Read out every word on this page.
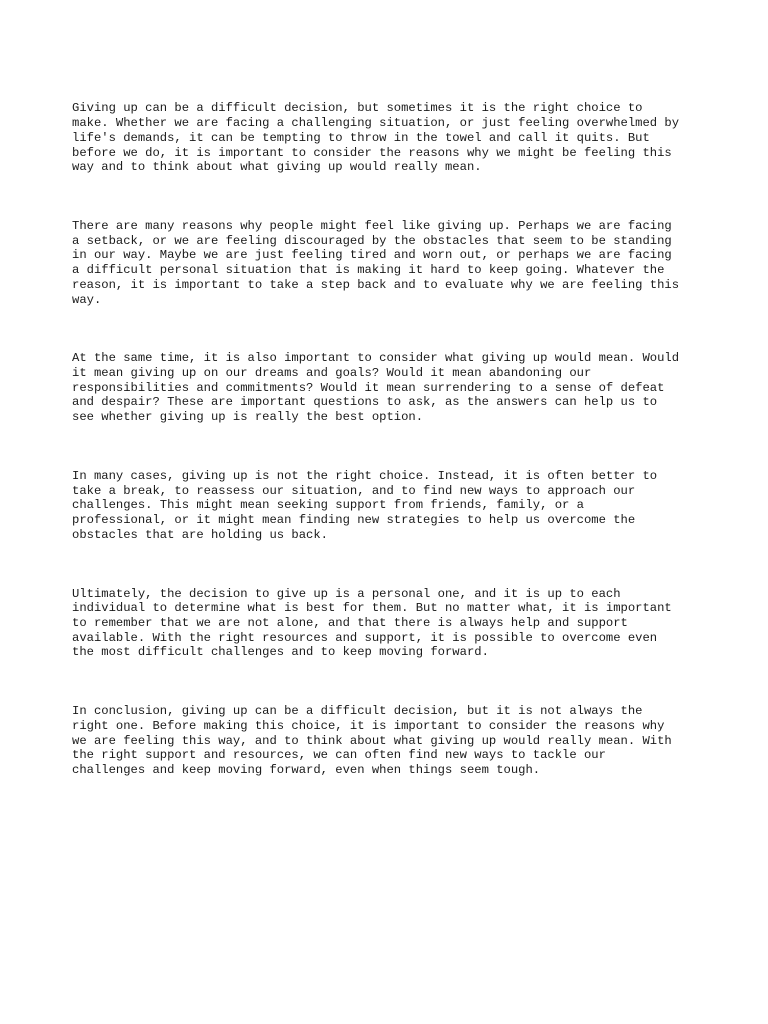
Giving up can be a difficult decision, but sometimes it is the right choice to
make. Whether we are facing a challenging situation, or just feeling overwhelmed by
life's demands, it can be tempting to throw in the towel and call it quits. But
before we do, it is important to consider the reasons why we might be feeling this
way and to think about what giving up would really mean.

There are many reasons why people might feel like giving up. Perhaps we are facing
a setback, or we are feeling discouraged by the obstacles that seem to be standing
in our way. Maybe we are just feeling tired and worn out, or perhaps we are facing
a difficult personal situation that is making it hard to keep going. Whatever the
reason, it is important to take a step back and to evaluate why we are feeling this
way.

At the same time, it is also important to consider what giving up would mean. Would
it mean giving up on our dreams and goals? Would it mean abandoning our
responsibilities and commitments? Would it mean surrendering to a sense of defeat
and despair? These are important questions to ask, as the answers can help us to
see whether giving up is really the best option.

In many cases, giving up is not the right choice. Instead, it is often better to
take a break, to reassess our situation, and to find new ways to approach our
challenges. This might mean seeking support from friends, family, or a
professional, or it might mean finding new strategies to help us overcome the
obstacles that are holding us back.

Ultimately, the decision to give up is a personal one, and it is up to each
individual to determine what is best for them. But no matter what, it is important
to remember that we are not alone, and that there is always help and support
available. With the right resources and support, it is possible to overcome even
the most difficult challenges and to keep moving forward.

In conclusion, giving up can be a difficult decision, but it is not always the
right one. Before making this choice, it is important to consider the reasons why
we are feeling this way, and to think about what giving up would really mean. With
the right support and resources, we can often find new ways to tackle our
challenges and keep moving forward, even when things seem tough.
